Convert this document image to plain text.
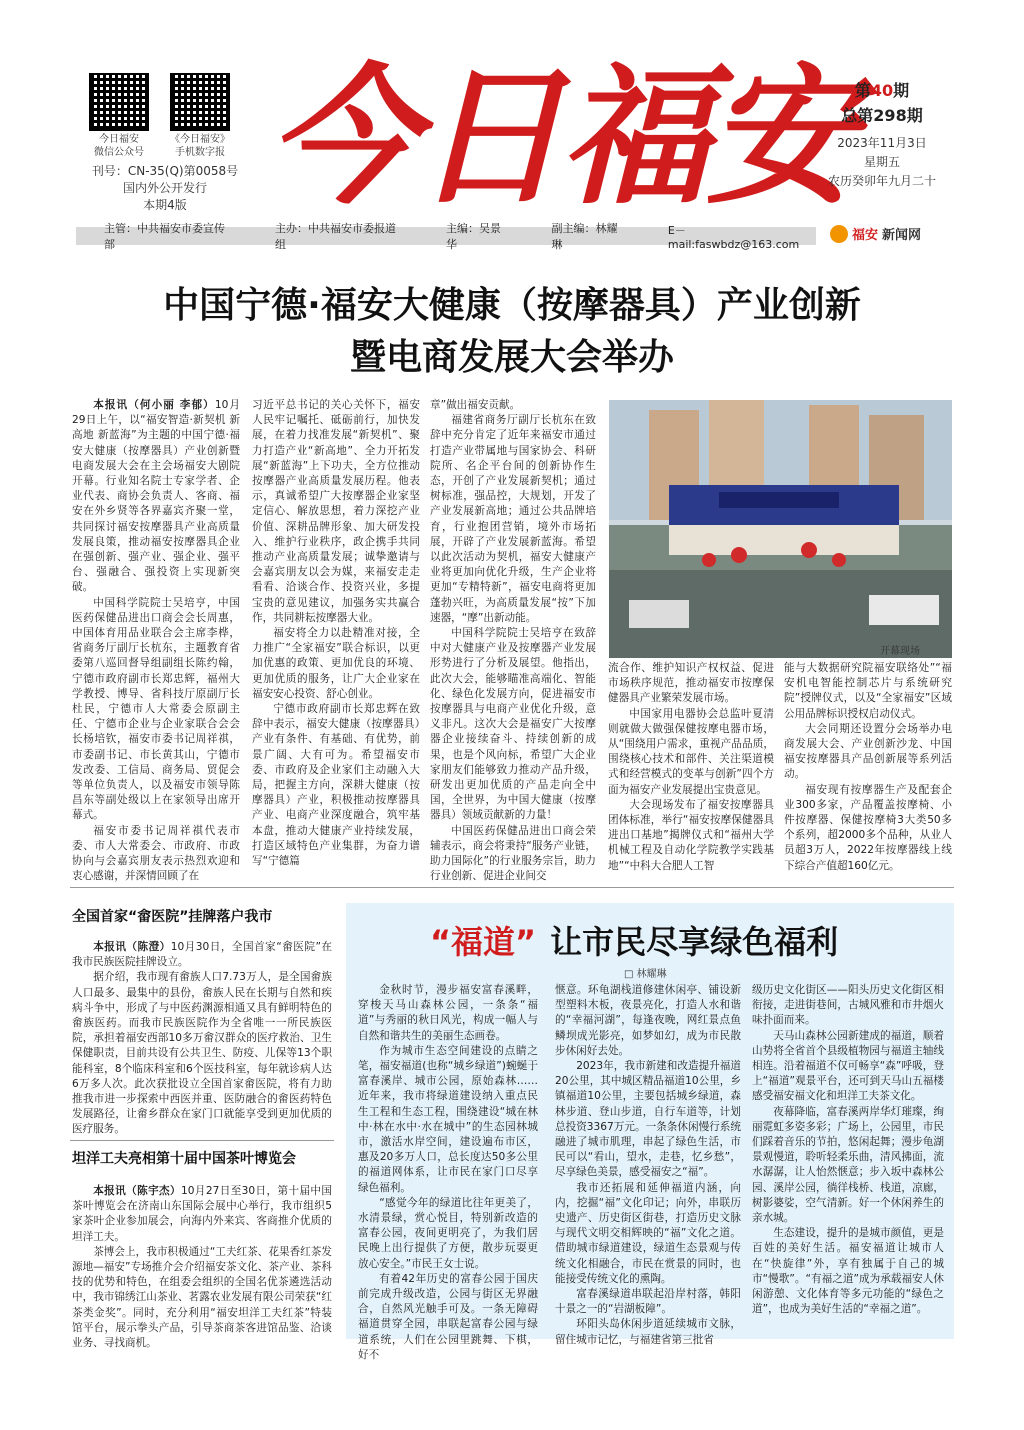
今日福安
微信公众号
《今日福安》
手机数字报
刊号：CN-35(Q)第0058号
国内外公开发行
本期4版 今日福安 第40期
总第298期
2023年11月3日
星期五
农历癸卯年九月二十
主管：中共福安市委宣传部
主办：中共福安市委报道组
主编：吴景华
副主编：林耀琳
E－mail:faswbdz@163.com
福安 新闻网
中国宁德·福安大健康（按摩器具）产业创新
暨电商发展大会举办

本报讯（何小丽 李郁）10月29日上午，以“福安智造·新契机 新高地 新蓝海”为主题的中国宁德·福安大健康（按摩器具）产业创新暨电商发展大会在主会场福安大剧院开幕。行业知名院士专家学者、企业代表、商协会负责人、客商、福安在外乡贤等各界嘉宾齐聚一堂，共同探讨福安按摩器具产业高质量发展良策，推动福安按摩器具企业在强创新、强产业、强企业、强平台、强融合、强投资上实现新突破。

中国科学院院士吴培亨，中国医药保健品进出口商会会长周惠，中国体育用品业联合会主席李桦，省商务厅副厅长杭东，主题教育省委第八巡回督导组副组长陈约翰，宁德市政府副市长郑忠辉，福州大学教授、博导、省科技厅原副厅长杜民，宁德市人大常委会原副主任、宁德市企业与企业家联合会会长杨培钦，福安市委书记周祥祺，市委副书记、市长黄其山，宁德市发改委、工信局、商务局、贸促会等单位负责人，以及福安市领导陈昌东等副处级以上在家领导出席开幕式。

福安市委书记周祥祺代表市委、市人大常委会、市政府、市政协向与会嘉宾朋友表示热烈欢迎和衷心感谢，并深情回顾了在

习近平总书记的关心关怀下，福安人民牢记嘱托、砥砺前行，加快发展，在着力找准发展“新契机”、聚力打造产业“新高地”、全力开拓发展“新蓝海”上下功夫，全方位推动按摩器产业高质量发展历程。他表示，真诚希望广大按摩器企业家坚定信心、解放思想，着力深挖产业价值、深耕品牌形象、加大研发投入、维护行业秩序，政企携手共同推动产业高质量发展；诚挚邀请与会嘉宾朋友以会为媒，来福安走走看看、洽谈合作、投资兴业，多提宝贵的意见建议，加强务实共赢合作，共同耕耘按摩器大业。

福安将全力以赴精准对接，全力推广“全家福安”联合标识，以更加优惠的政策、更加优良的环境、更加优质的服务，让广大企业家在福安安心投资、舒心创业。

宁德市政府副市长郑忠辉在致辞中表示，福安大健康（按摩器具）产业有条件、有基础、有优势，前景广阔、大有可为。希望福安市委、市政府及企业家们主动融入大局，把握主方向，深耕大健康（按摩器具）产业，积极推动按摩器具产业、电商产业深度融合，筑牢基本盘，推动大健康产业持续发展，打造区域特色产业集群，为奋力谱写“宁德篇

章”做出福安贡献。

福建省商务厅副厅长杭东在致辞中充分肯定了近年来福安市通过打造产业带属地与国家协会、科研院所、名企平台间的创新协作生态，开创了产业发展新契机；通过树标准，强品控，大规划，开发了产业发展新高地；通过公共品牌培育，行业抱团营销，境外市场拓展，开辟了产业发展新蓝海。希望以此次活动为契机，福安大健康产业将更加向优化升级，生产企业将更加“专精特新”，福安电商将更加蓬勃兴旺，为高质量发展“按”下加速器，“摩”出新动能。

中国科学院院士吴培亨在致辞中对大健康产业及按摩器产业发展形势进行了分析及展望。他指出，此次大会，能够瞄准高端化、智能化、绿色化发展方向，促进福安市按摩器具与电商产业优化升级，意义非凡。这次大会是福安广大按摩器企业接续奋斗、持续创新的成果，也是个风向标，希望广大企业家朋友们能够致力推动产品升级，研发出更加优质的产品走向全中国，全世界，为中国大健康（按摩器具）领域贡献新的力量！

中国医药保健品进出口商会荣辅表示，商会将秉持“服务产业链，助力国际化”的行业服务宗旨，助力行业创新、促进企业间交

开幕现场

流合作、维护知识产权权益、促进市场秩序规范，推动福安市按摩保健器具产业繁荣发展市场。

中国家用电器协会总监叶夏清则就做大做强保健按摩电器市场，从“围绕用户需求，重视产品品质，围绕核心技术和部件、关注渠道模式和经营模式的变革与创新”四个方面为福安产业发展提出宝贵意见。

大会现场发布了福安按摩器具团体标准，举行“福安按摩保健器具进出口基地”揭牌仪式和“福州大学机械工程及自动化学院教学实践基地”“中科大合肥人工智

能与大数据研究院福安联络处”“福安机电智能控制芯片与系统研究院”授牌仪式，以及“全家福安”区域公用品牌标识授权启动仪式。

大会同期还设置分会场举办电商发展大会、产业创新沙龙、中国福安按摩器具产品创新展等系列活动。

福安现有按摩器生产及配套企业300多家，产品覆盖按摩椅、小件按摩器、保健按摩椅3大类50多个系列，超2000多个品种，从业人员超3万人，2022年按摩器线上线下综合产值超160亿元。

全国首家“畲医院”挂牌落户我市

本报讯（陈澄）10月30日，全国首家“畲医院”在我市民族医院挂牌设立。

据介绍，我市现有畲族人口7.73万人，是全国畲族人口最多、最集中的县份，畲族人民在长期与自然和疾病斗争中，形成了与中医药渊源相通又具有鲜明特色的畲族医药。而我市民族医院作为全省唯一一所民族医院，承担着福安西部10多万畲汉群众的医疗救治、卫生保健职责，目前共设有公共卫生、防疫、儿保等13个职能科室，8个临床科室和6个医技科室，每年就诊病人达6万多人次。此次获批设立全国首家畲医院，将有力助推我市进一步探索中西医并重、医防融合的畲医药特色发展路径，让畲乡群众在家门口就能享受到更加优质的医疗服务。

坦洋工夫亮相第十届中国茶叶博览会

本报讯（陈宇杰）10月27日至30日，第十届中国茶叶博览会在济南山东国际会展中心举行，我市组织5家茶叶企业参加展会，向海内外来宾、客商推介优质的坦洋工夫。

茶博会上，我市积极通过“工夫红茶、花果香红茶发源地—福安”专场推介会介绍福安茶文化、茶产业、茶科技的优势和特色，在组委会组织的全国名优茶遴选活动中，我市锦绣江山茶业、茗露农业发展有限公司荣获“红茶类金奖”。同时，充分利用“福安坦洋工夫红茶”特装馆平台，展示拳头产品，引导茶商茶客进馆品鉴、洽谈业务、寻找商机。

“福道” 让市民尽享绿色福利
□ 林耀琳

金秋时节，漫步福安富春溪畔，穿梭天马山森林公园，一条条“福道”与秀丽的秋日风光，构成一幅人与自然和谐共生的美丽生态画卷。

作为城市生态空间建设的点睛之笔，福安福道(也称“城乡绿道”)蜿蜒于富春溪岸、城市公园，原始森林……近年来，我市将绿道建设纳入重点民生工程和生态工程，围绕建设“城在林中·林在水中·水在城中”的生态园林城市，激活水岸空间，建设遍布市区，惠及20多万人口，总长度达50多公里的福道网体系，让市民在家门口尽享绿色福利。

“感觉今年的绿道比往年更美了，水清景绿，赏心悦目，特别新改造的富春公园，夜间更明亮了，为我们居民晚上出行提供了方便，散步玩耍更放心安全。”市民王女士说。

有着42年历史的富春公园于国庆前完成升级改造，公园与街区无界融合，自然风光触手可及。一条无障碍福道贯穿全园，串联起富春公园与绿道系统，人们在公园里跳舞、下棋，好不

惬意。环龟湖栈道修建休闲亭、铺设新型塑料木板，夜景亮化，打造人水和谐的“幸福河湖”，每逢夜晚，网红景点鱼鳞坝成光影亮，如梦如幻，成为市民散步休闲好去处。

2023年，我市新建和改造提升福道20公里，其中城区精品福道10公里，乡镇福道10公里，主要包括城乡绿道，森林步道、登山步道，自行车道等，计划总投资3367万元。一条条休闲慢行系统融进了城市肌理，串起了绿色生活，市民可以“看山，望水，走巷，忆乡愁”，尽享绿色美景，感受福安之“福”。

我市还拓展和延伸福道内涵，向内，挖掘“福”文化印记；向外，串联历史遗产、历史街区街巷，打造历史文脉与现代文明交相辉映的“福”文化之道。借助城市绿道建设，绿道生态景观与传统文化相融合，市民在赏景的同时，也能接受传统文化的熏陶。

富春溪绿道串联起沿岸村落，韩阳十景之一的“岩湖板障”。

环阳头岛休闲步道延续城市文脉，留住城市记忆，与福建省第三批省

级历史文化街区——阳头历史文化街区相衔接，走进街巷间，古城风雅和市井烟火味扑面而来。

天马山森林公园新建成的福道，顺着山势将全省首个县级植物园与福道主轴线相连。沿着福道不仅可畅享“森”呼吸，登上“福道”观景平台，还可到天马山五福楼感受福安福文化和坦洋工夫茶文化。

夜幕降临，富春溪两岸华灯璀璨，绚丽霓虹多姿多彩；广场上，公园里，市民们踩着音乐的节拍，悠闲起舞；漫步龟湖景观慢道，聆听轻柔乐曲，清风拂面，流水潺潺，让人怡然惬意；步入坂中森林公园、溪岸公园，徜徉栈桥、栈道，凉廊，树影婆娑，空气清新。好一个休闲养生的亲水城。

生态建设，提升的是城市颜值，更是百姓的美好生活。福安福道让城市人在“快旋律”外，享有独属于自己的城市“慢歌”。“有福之道”成为承载福安人休闲游憩、文化体育等多元功能的“绿色之道”，也成为美好生活的“幸福之道”。
